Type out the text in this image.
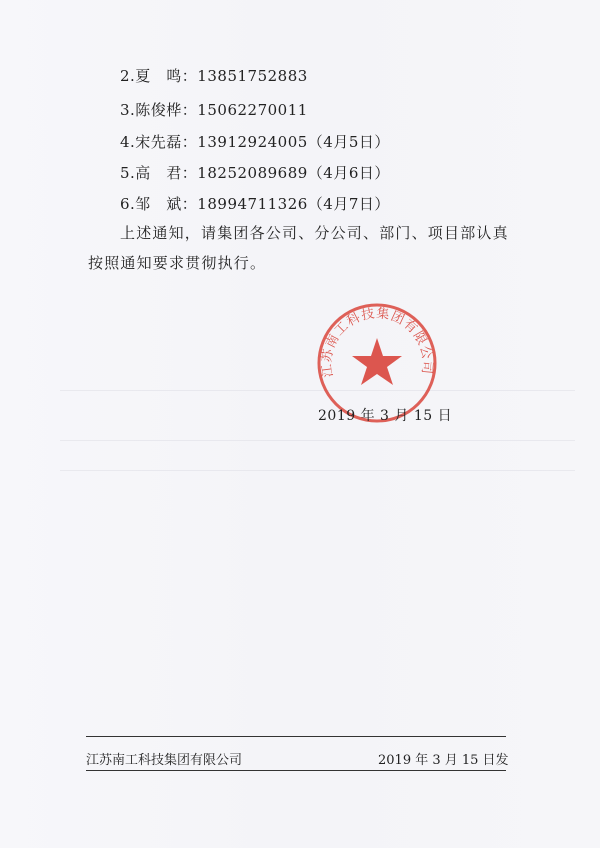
2.夏　鸣：13851752883
3.陈俊桦：15062270011
4.宋先磊：13912924005（4月5日）
5.高　君：18252089689（4月6日）
6.邹　斌：18994711326（4月7日）
上述通知，请集团各公司、分公司、部门、项目部认真
按照通知要求贯彻执行。
江苏南工科技集团有限公司
2019 年 3 月 15 日
江苏南工科技集团有限公司	2019 年 3 月 15 日发
